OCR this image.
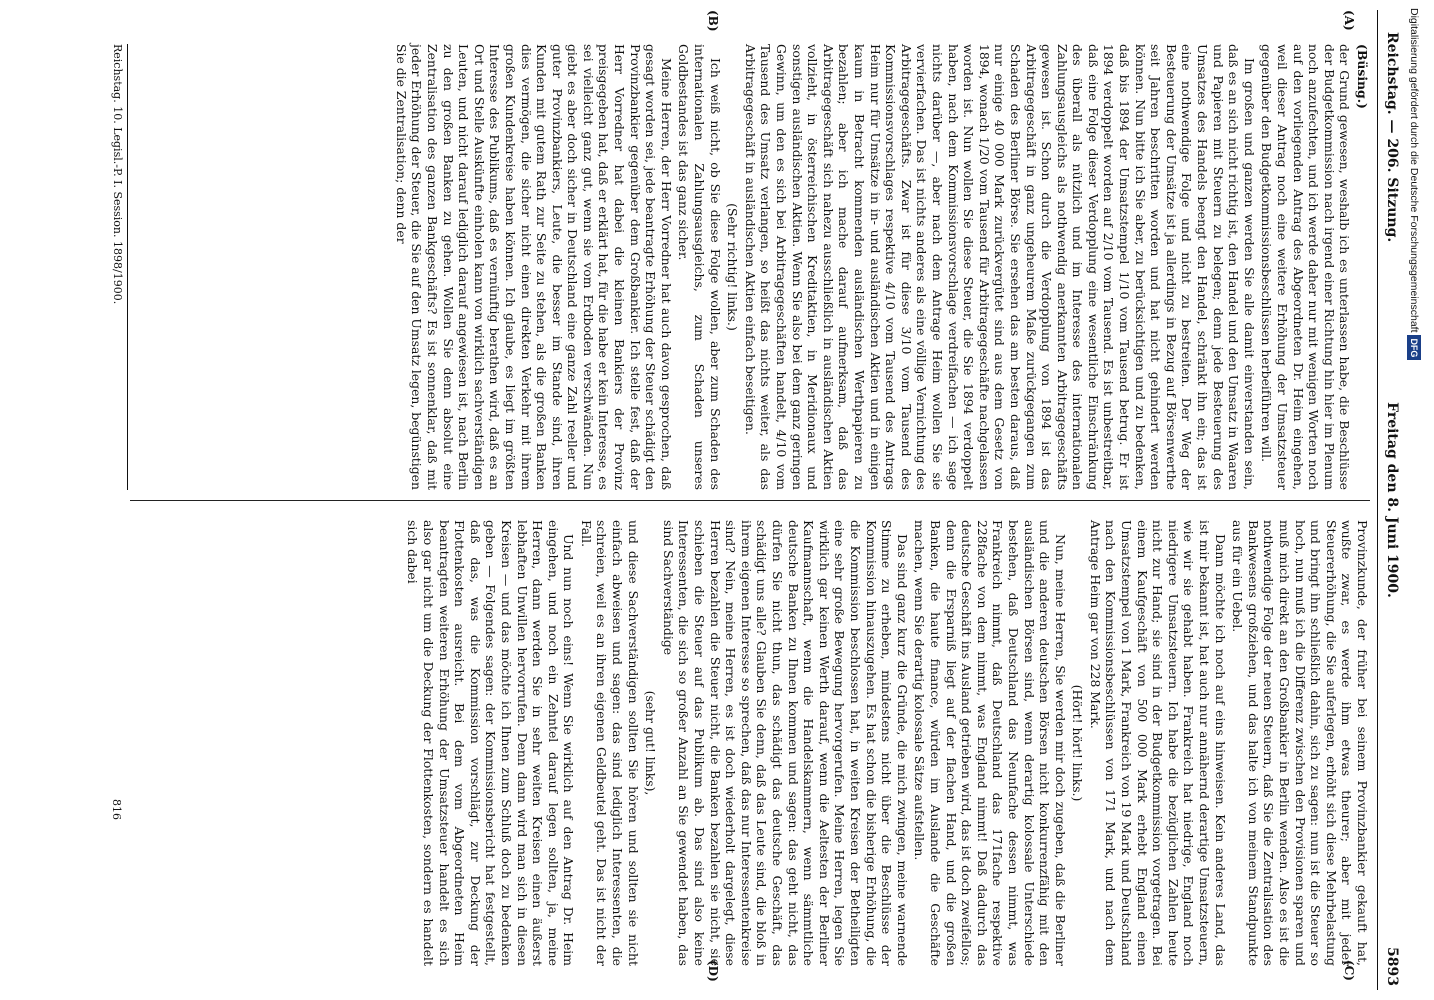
Reichstag. — 206. Sitzung.
Freitag den 8. Juni 1900.
5893
(A)
(B)
(C)
(D)

(Büsing.)

der Grund gewesen, weshalb ich es unterlassen habe, die Beschlüsse der Budgetkommission nach irgend einer Richtung hin hier im Plenum noch anzufechten, und ich werde daher nur mit wenigen Worten noch auf den vorliegenden Antrag des Abgeordneten Dr. Heim eingehen, weil dieser Antrag noch eine weitere Erhöhung der Umsatzsteuer gegenüber den Budgetkommissionsbeschlüssen herbeiführen will.

Im großen und ganzen werden Sie alle damit einverstanden sein, daß es an sich nicht richtig ist, den Handel und den Umsatz in Waaren und Papieren mit Steuern zu belegen; denn jede Besteuerung des Umsatzes des Handels beengt den Handel, schränkt ihn ein; das ist eine nothwendige Folge und nicht zu bestreiten. Der Weg der Besteuerung der Umsätze ist ja allerdings in Bezug auf Börsenwerthe seit Jahren beschritten worden und hat nicht gehindert werden können. Nun bitte ich Sie aber, zu berücksichtigen und zu bedenken, daß bis 1894 der Umsatzstempel 1/10 vom Tausend betrug. Er ist 1894 verdoppelt worden auf 2/10 vom Tausend. Es ist unbestreitbar, daß eine Folge dieser Verdopplung eine wesentliche Einschränkung des überall als nützlich und im Interesse des internationalen Zahlungsausgleichs als nothwendig anerkannten Arbitragegeschäfts gewesen ist. Schon durch die Verdopplung von 1894 ist das Arbitragegeschäft in ganz ungeheurem Maße zurückgegangen zum Schaden des Berliner Börse. Sie ersehen das am besten daraus, daß nur einige 40 000 Mark zurückvergütet sind aus dem Gesetz von 1894, wonach 1/20 vom Tausend für Arbitragegeschäfte nachgelassen worden ist. Nun wollen Sie diese Steuer, die Sie 1894 verdoppelt haben, nach dem Kommissionsvorschlage verdreifachen — ich sage nichts darüber —, aber nach dem Antrage Heim wollen Sie sie vervierfachen. Das ist nichts anderes als eine völlige Vernichtung des Arbitragegeschäfts. Zwar ist für diese 3/10 vom Tausend des Kommissionsvorschlages respektive 4/10 vom Tausend des Antrags Heim nur für Umsätze in in- und ausländischen Aktien und in einigen kaum in Betracht kommenden ausländischen Werthpapieren zu bezahlen; aber ich mache darauf aufmerksam, daß das Arbitragegeschäft sich nahezu ausschließlich in ausländischen Aktien vollzieht, in österreichischen Kreditaktien, in Meridionaux und sonstigen ausländischen Aktien. Wenn Sie also bei dem ganz geringen Gewinn, um den es sich bei Arbitragegeschäften handelt, 4/10 vom Tausend des Umsatz verlangen, so heißt das nichts weiter, als das Arbitragegeschäft in ausländischen Aktien einfach beseitigen.

(Sehr richtig! links.)

Ich weiß nicht, ob Sie diese Folge wollen, aber zum Schaden des internationalen Zahlungsausgleichs, zum Schaden unseres Goldbestandes ist das ganz sicher.

Meine Herren, der Herr Vorredner hat auch davon gesprochen, daß gesagt worden sei, jede beantragte Erhöhung der Steuer schädigt den Provinzbankier gegenüber dem Großbankier. Ich stelle fest, daß der Herr Vorredner hat dabei die kleinen Bankiers der Provinz preisgegeben hat, daß er erklärt hat, für die habe er kein Interesse, es sei vielleicht ganz gut, wenn sie vom Erdboden verschwänden. Nun giebt es aber doch sicher in Deutschland eine ganze Zahl reeller und guter Provinzbankiers, Leute, die besser im Stande sind, ihren Kunden mit gutem Rath zur Seite zu stehen, als die großen Banken dies vermögen, die sicher nicht einen direkten Verkehr mit ihrem großen Kundenkreise haben können. Ich glaube, es liegt im größten Interesse des Publikums, daß es vernünftig berathen wird, daß es an Ort und Stelle Auskünfte einholen kann von wirklich sachverständigen Leuten, und nicht darauf lediglich darauf angewiesen ist, nach Berlin zu den großen Banken zu gehen. Wollen Sie denn absolut eine Zentralisation des ganzen Bankgeschäfts? Es ist sonnenklar, daß mit jeder Erhöhung der Steuer, die Sie auf den Umsatz legen, begünstigen Sie die Zentralisation; denn der

Provinzkunde, der früher bei seinem Provinzbankier gekauft hat, wußte zwar, es werde ihm etwas theurer; aber mit jeder Steuererhöhung, die Sie auferlegen, erhöht sich diese Mehrbelastung und bringt ihn schließlich dahin, sich zu sagen: nun ist die Steuer so hoch, nun muß ich die Differenz zwischen den Provisionen sparen und muß mich direkt an den Großbankier in Berlin wenden. Also es ist die nothwendige Folge der neuen Steuern, daß Sie die Zentralisation des Bankwesens großziehen, und das halte ich von meinem Standpunkte aus für ein Uebel.

Dann möchte ich noch auf eins hinweisen. Kein anderes Land, das ist mir bekannt ist, hat auch nur annähernd derartige Umsatzsteuern, wie wir sie gehabt haben. Frankreich hat niedrige, England noch niedrigere Umsatzsteuern. Ich habe die bezüglichen Zahlen heute nicht zur Hand; sie sind in der Budgetkommission vorgetragen. Bei einem Kaufgeschäft von 500 000 Mark erhebt England einen Umsatzstempel von 1 Mark, Frankreich von 19 Mark und Deutschland nach den Kommissionsbeschlüssen von 171 Mark, und nach dem Antrage Heim gar von 228 Mark.

(Hört! hört! links.)

Nun, meine Herren, Sie werden mir doch zugeben, daß die Berliner und die anderen deutschen Börsen nicht konkurrenzfähig mit den ausländischen Börsen sind, wenn derartig kolossale Unterschiede bestehen, daß Deutschland das Neunfache dessen nimmt, was Frankreich nimmt, daß Deutschland das 171fache respektive 228fache von dem nimmt, was England nimmt! Daß dadurch das deutsche Geschäft ins Ausland getrieben wird, das ist doch zweifellos; denn die Ersparniß liegt auf der flachen Hand, und die großen Banken, die haute finance, würden im Auslande die Geschäfte machen, wenn Sie derartig kolossale Sätze aufstellen.

Das sind ganz kurz die Gründe, die mich zwingen, meine warnende Stimme zu erheben, mindestens nicht über die Beschlüsse der Kommission hinauszugehen. Es hat schon die bisherige Erhöhung, die die Kommission beschlossen hat, in weiten Kreisen der Betheiligten eine sehr große Bewegung hervorgerufen. Meine Herren, legen Sie wirklich gar keinen Werth darauf, wenn die Aeltesten der Berliner Kaufmannschaft, wenn die Handelskammern, wenn sämmtliche deutsche Banken zu Ihnen kommen und sagen: das geht nicht, das dürfen Sie nicht thun, das schädigt das deutsche Geschäft, das schädigt uns alle? Glauben Sie denn, daß das Leute sind, die bloß in ihrem eigenen Interesse so sprechen, daß das nur Interessentenkreise sind? Nein, meine Herren, es ist doch wiederholt dargelegt, diese Herren bezahlen die Steuer nicht, die Banken bezahlen sie nicht, sie schieben die Steuer auf das Publikum ab. Das sind also keine Interessenten, die sich so großer Anzahl an Sie gewendet haben, das sind Sachverständige

(sehr gut! links),

und diese Sachverständigen sollten Sie hören und sollten sie nicht einfach abweisen und sagen: das sind lediglich Interessenten, die schreien, weil es an ihren eigenen Geldbeutel geht. Das ist nicht der Fall.

Und nun noch eins! Wenn Sie wirklich auf den Antrag Dr. Heim eingehen, und noch ein Zehntel darauf legen sollten, ja, meine Herren, dann werden Sie in sehr weiten Kreisen einen äußerst lebhaften Unwillen hervorrufen. Denn dann wird man sich in diesen Kreisen — und das möchte ich Ihnen zum Schluß doch zu bedenken geben — Folgendes sagen: der Kommissionsbericht hat festgestellt, daß das, was die Kommission vorschlägt, zur Deckung der Flottenkosten ausreicht. Bei dem vom Abgeordneten Heim beantragten weiteren Erhöhung der Umsatzsteuer handelt es sich also gar nicht um die Deckung der Flottenkosten, sondern es handelt sich dabei

Reichstag. 10. Legisl.-P. I. Session. 1898/1900.
816
Digitalisierung gefördert durch die Deutsche Forschungsgemeinschaft DFG
